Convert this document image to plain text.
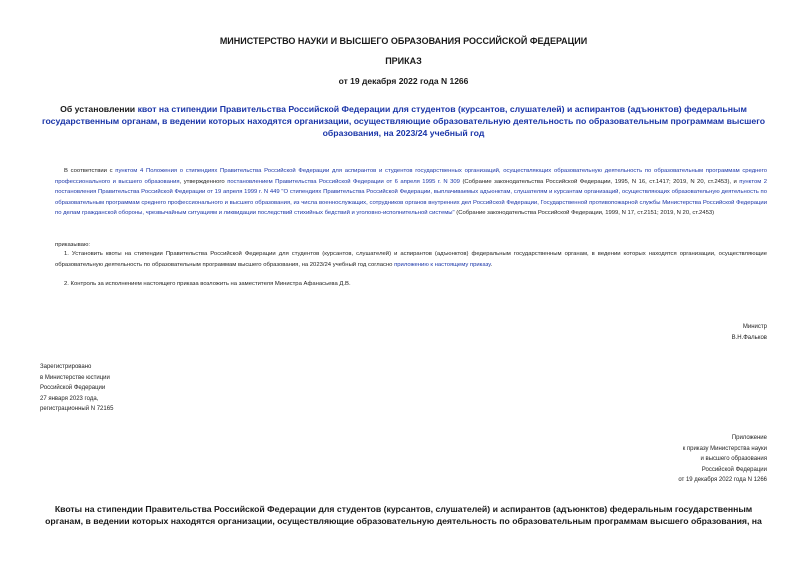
МИНИСТЕРСТВО НАУКИ И ВЫСШЕГО ОБРАЗОВАНИЯ РОССИЙСКОЙ ФЕДЕРАЦИИ
ПРИКАЗ
от 19 декабря 2022 года N 1266
Об установлении квот на стипендии Правительства Российской Федерации для студентов (курсантов, слушателей) и аспирантов (адъюнктов) федеральным государственным органам, в ведении которых находятся организации, осуществляющие образовательную деятельность по образовательным программам высшего образования, на 2023/24 учебный год
В соответствии с пунктом 4 Положения о стипендиях Правительства Российской Федерации для аспирантов и студентов государственных организаций, осуществляющих образовательную деятельность по образовательным программам среднего профессионального и высшего образования, утвержденного постановлением Правительства Российской Федерации от 6 апреля 1995 г. N 309 (Собрание законодательства Российской Федерации, 1995, N 16, ст.1417; 2019, N 20, ст.2453), и пунктом 2 постановления Правительства Российской Федерации от 19 апреля 1999 г. N 449 "О стипендиях Правительства Российской Федерации, выплачиваемых адъюнктам, слушателям и курсантам организаций, осуществляющих образовательную деятельность по образовательным программам среднего профессионального и высшего образования, из числа военнослужащих, сотрудников органов внутренних дел Российской Федерации, Государственной противопожарной службы Министерства Российской Федерации по делам гражданской обороны, чрезвычайным ситуациям и ликвидации последствий стихийных бедствий и уголовно-исполнительной системы" (Собрание законодательства Российской Федерации, 1999, N 17, ст.2151; 2019, N 20, ст.2453)
приказываю:
1. Установить квоты на стипендии Правительства Российской Федерации для студентов (курсантов, слушателей) и аспирантов (адъюнктов) федеральным государственным органам, в ведении которых находятся организации, осуществляющие образовательную деятельность по образовательным программам высшего образования, на 2023/24 учебный год согласно приложению к настоящему приказу.
2. Контроль за исполнением настоящего приказа возложить на заместителя Министра Афанасьева Д.В.
Министр
В.Н.Фальков
Зарегистрировано
в Министерстве юстиции
Российской Федерации
27 января 2023 года,
регистрационный N 72165
Приложение
к приказу Министерства науки
и высшего образования
Российской Федерации
от 19 декабря 2022 года N 1266
Квоты на стипендии Правительства Российской Федерации для студентов (курсантов, слушателей) и аспирантов (адъюнктов) федеральным государственным органам, в ведении которых находятся организации, осуществляющие образовательную деятельность по образовательным программам высшего образования, на
